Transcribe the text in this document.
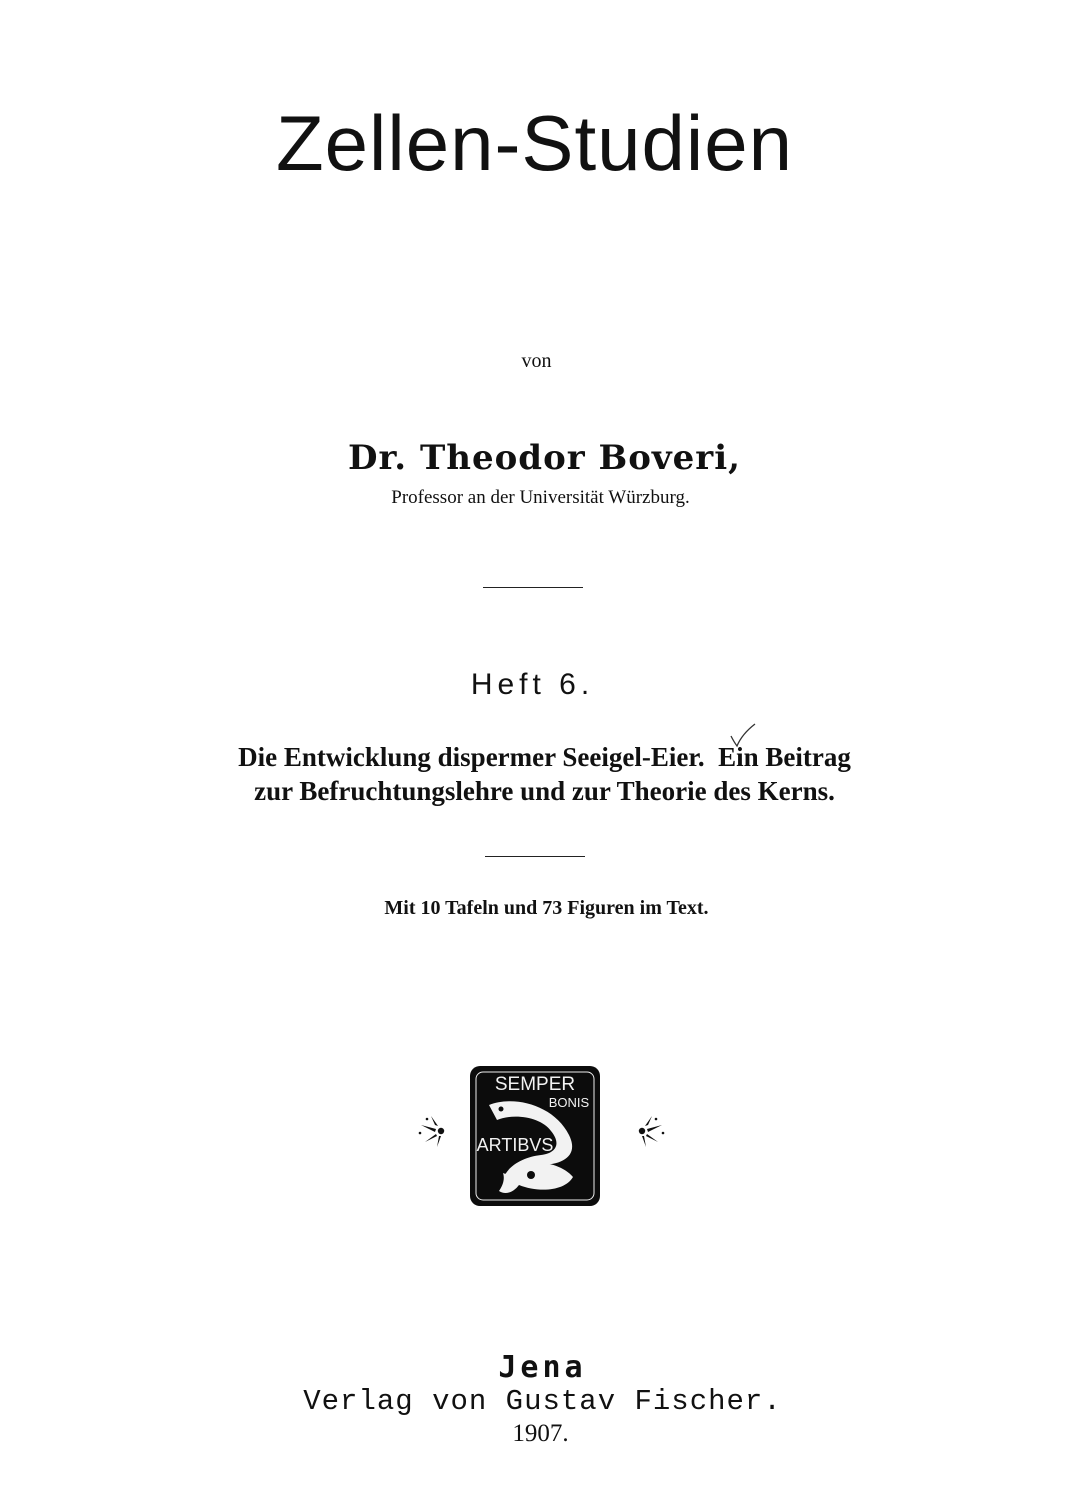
Zellen-Studien
von
Dr. Theodor Boveri,
Professor an der Universität Würzburg.
Heft 6.
Die Entwicklung dispermer Seeigel-Eier.  Ein Beitrag
zur Befruchtungslehre und zur Theorie des Kerns.
Mit 10 Tafeln und 73 Figuren im Text.
SEMPER
BONIS
ARTIBVS
Jena
Verlag von Gustav Fischer.
1907.
